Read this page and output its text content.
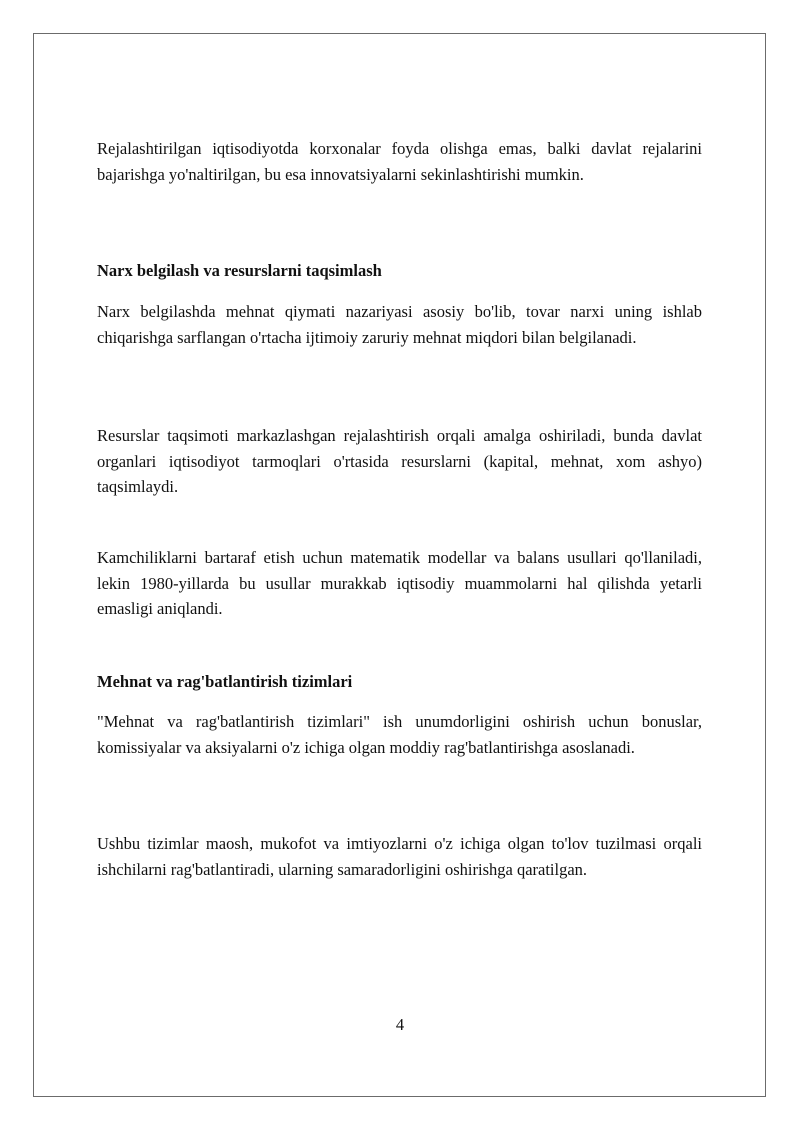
Rejalashtirilgan iqtisodiyotda korxonalar foyda olishga emas, balki davlat rejalarini bajarishga yo'naltirilgan, bu esa innovatsiyalarni sekinlashtirishi mumkin.

Narx belgilash va resurslarni taqsimlash

Narx belgilashda mehnat qiymati nazariyasi asosiy bo'lib, tovar narxi uning ishlab chiqarishga sarflangan o'rtacha ijtimoiy zaruriy mehnat miqdori bilan belgilanadi.

Resurslar taqsimoti markazlashgan rejalashtirish orqali amalga oshiriladi, bunda davlat organlari iqtisodiyot tarmoqlari o'rtasida resurslarni (kapital, mehnat, xom ashyo) taqsimlaydi.

Kamchiliklarni bartaraf etish uchun matematik modellar va balans usullari qo'llaniladi, lekin 1980-yillarda bu usullar murakkab iqtisodiy muammolarni hal qilishda yetarli emasligi aniqlandi.

Mehnat va rag'batlantirish tizimlari

"Mehnat va rag'batlantirish tizimlari" ish unumdorligini oshirish uchun bonuslar, komissiyalar va aksiyalarni o'z ichiga olgan moddiy rag'batlantirishga asoslanadi.

Ushbu tizimlar maosh, mukofot va imtiyozlarni o'z ichiga olgan to'lov tuzilmasi orqali ishchilarni rag'batlantiradi, ularning samaradorligini oshirishga qaratilgan.

4
